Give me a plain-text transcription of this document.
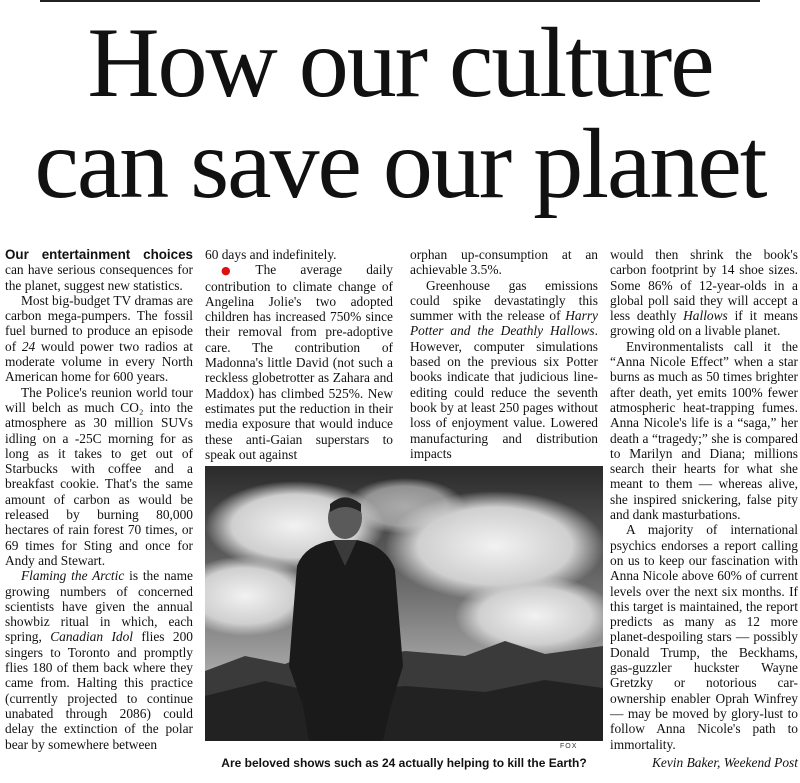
How our culture
can save our planet

Our entertainment choices can have serious consequences for the planet, suggest new statistics.

Most big-budget TV dramas are carbon mega-pumpers. The fossil fuel burned to produce an episode of 24 would power two radios at moderate volume in every North American home for 600 years.

The Police's reunion world tour will belch as much CO₂ into the atmosphere as 30 million SUVs idling on a -25C morning for as long as it takes to get out of Starbucks with coffee and a breakfast cookie. That's the same amount of carbon as would be released by burning 80,000 hectares of rain forest 70 times, or 69 times for Sting and once for Andy and Stewart.

Flaming the Arctic is the name growing numbers of concerned scientists have given the annual showbiz ritual in which, each spring, Canadian Idol flies 200 singers to Toronto and promptly flies 180 of them back where they came from. Halting this practice (currently projected to continue unabated through 2086) could delay the extinction of the polar bear by somewhere between

60 days and indefinitely.

● The average daily contribution to climate change of Angelina Jolie's two adopted children has increased 750% since their removal from pre-adoptive care. The contribution of Madonna's little David (not such a reckless globetrotter as Zahara and Maddox) has climbed 525%. New estimates put the reduction in their media exposure that would induce these anti-Gaian superstars to speak out against

orphan up-consumption at an achievable 3.5%.

Greenhouse gas emissions could spike devastatingly this summer with the release of Harry Potter and the Deathly Hallows. However, computer simulations based on the previous six Potter books indicate that judicious line-editing could reduce the seventh book by at least 250 pages without loss of enjoyment value. Lowered manufacturing and distribution impacts

would then shrink the book's carbon footprint by 14 shoe sizes. Some 86% of 12-year-olds in a global poll said they will accept a less deathly Hallows if it means growing old on a livable planet.

Environmentalists call it the “Anna Nicole Effect” when a star burns as much as 50 times brighter after death, yet emits 100% fewer atmospheric heat-trapping fumes. Anna Nicole's life is a “saga,” her death a “tragedy;” she is compared to Marilyn and Diana; millions search their hearts for what she meant to them — whereas alive, she inspired snickering, false pity and dank masturbations.

A majority of international psychics endorses a report calling on us to keep our fascination with Anna Nicole above 60% of current levels over the next six months. If this target is maintained, the report predicts as many as 12 more planet-despoiling stars — possibly Donald Trump, the Beckhams, gas-guzzler huckster Wayne Gretzky or notorious car-ownership enabler Oprah Winfrey — may be moved by glory-lust to follow Anna Nicole's path to immortality.

Kevin Baker, Weekend Post

FOX
Are beloved shows such as 24 actually helping to kill the Earth?
